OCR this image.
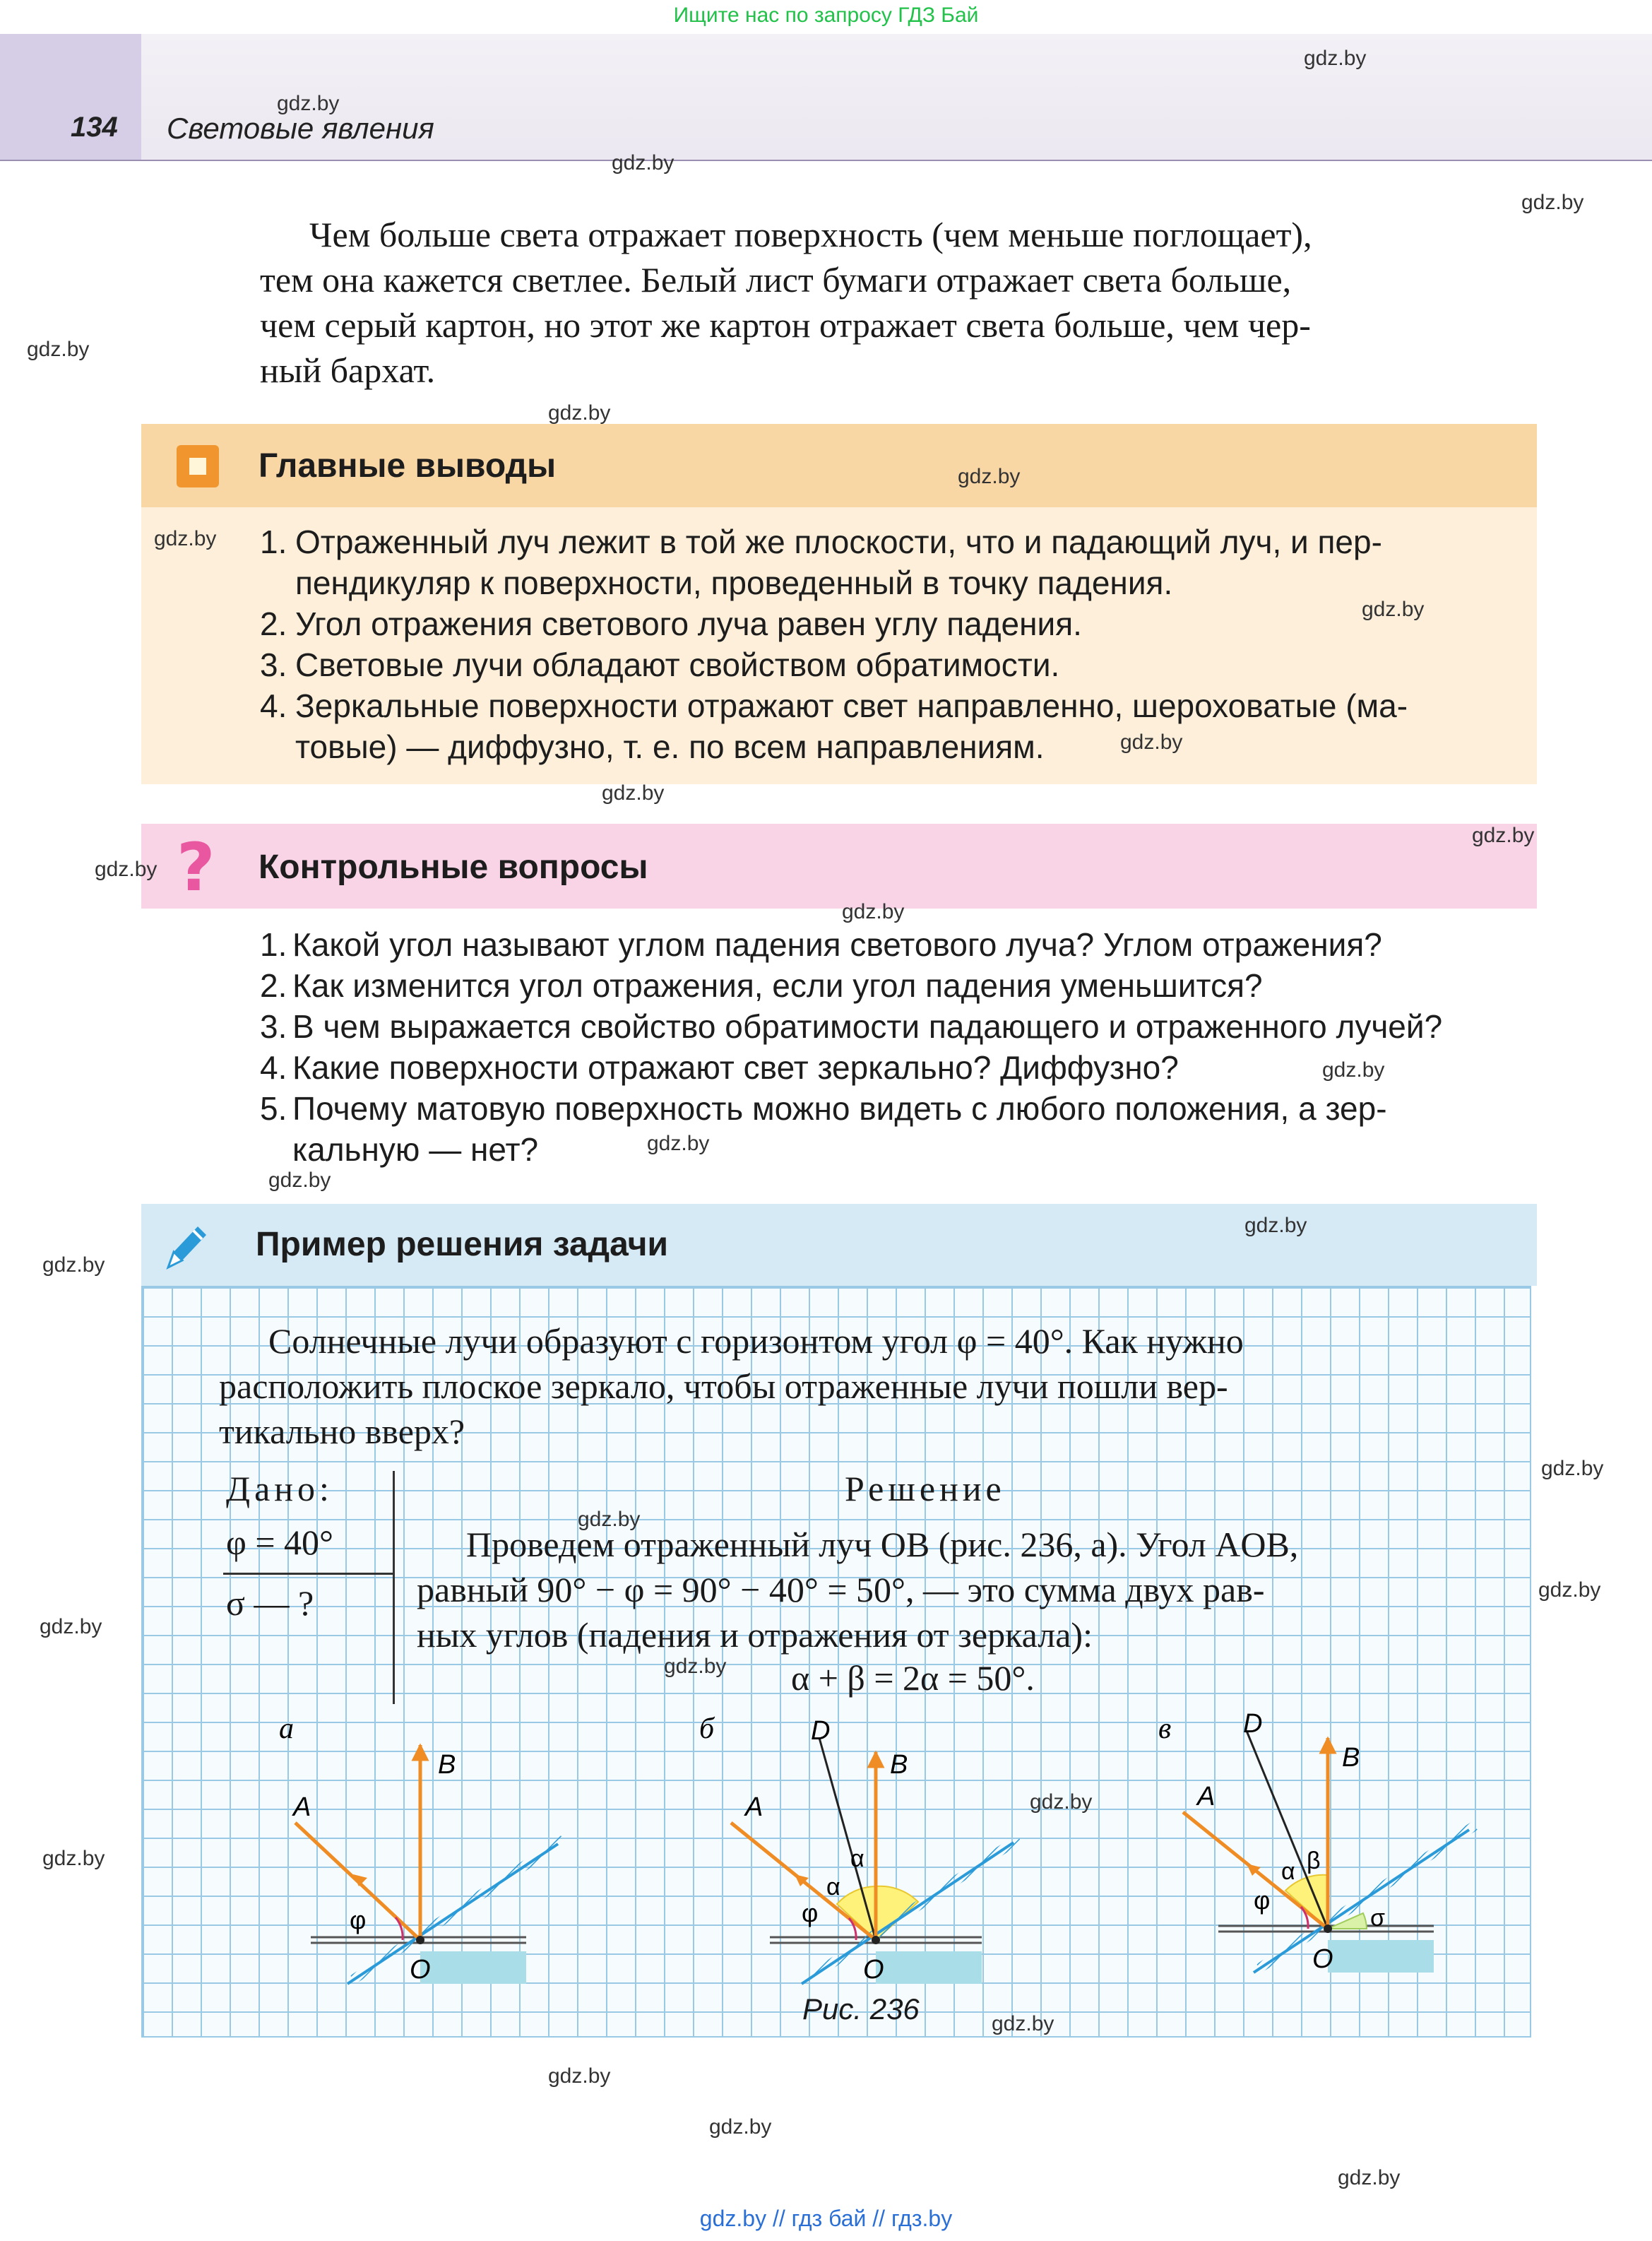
Ищите нас по запросу ГДЗ Бай
134 Световые явления
Чем больше света отражает поверхность (чем меньше поглощает),
тем она кажется светлее. Белый лист бумаги отражает света больше,
чем серый картон, но этот же картон отражает света больше, чем чер-
ный бархат.
Главные выводы
1. Отраженный луч лежит в той же плоскости, что и падающий луч, и пер-
пендикуляр к поверхности, проведенный в точку падения.
2. Угол отражения светового луча равен углу падения.
3. Световые лучи обладают свойством обратимости.
4. Зеркальные поверхности отражают свет направленно, шероховатые (ма-
товые) — диффузно, т. е. по всем направлениям.
? Контрольные вопросы
1. Какой угол называют углом падения светового луча? Углом отражения?
2. Как изменится угол отражения, если угол падения уменьшится?
3. В чем выражается свойство обратимости падающего и отраженного лучей?
4. Какие поверхности отражают свет зеркально? Диффузно?
5. Почему матовую поверхность можно видеть с любого положения, а зер-
кальную — нет?
Пример решения задачи
Солнечные лучи образуют с горизонтом угол φ = 40°. Как нужно
расположить плоское зеркало, чтобы отраженные лучи пошли вер-
тикально вверх?
Дано:
φ = 40°
σ — ?
Решение
Проведем отраженный луч OB (рис. 236, a). Угол AOB,
равный 90° − φ = 90° − 40° = 50°, — это сумма двух рав-
ных углов (падения и отражения от зеркала):
α + β = 2α = 50°.
а
A
B
O
φ
б
A
B
D
O
φ
α
α
в
A
B
D
O
φ
α β
σ
Рис. 236
gdz.by
gdz.by
gdz.by
gdz.by
gdz.by
gdz.by
gdz.by
gdz.by
gdz.by
gdz.by
gdz.by
gdz.by
gdz.by
gdz.by
gdz.by
gdz.by
gdz.by
gdz.by
gdz.by
gdz.by
gdz.by
gdz.by
gdz.by
gdz.by
gdz.by
gdz.by
gdz.by
gdz.by
gdz.by
gdz.by
gdz.by // гдз бай // гдз.by
